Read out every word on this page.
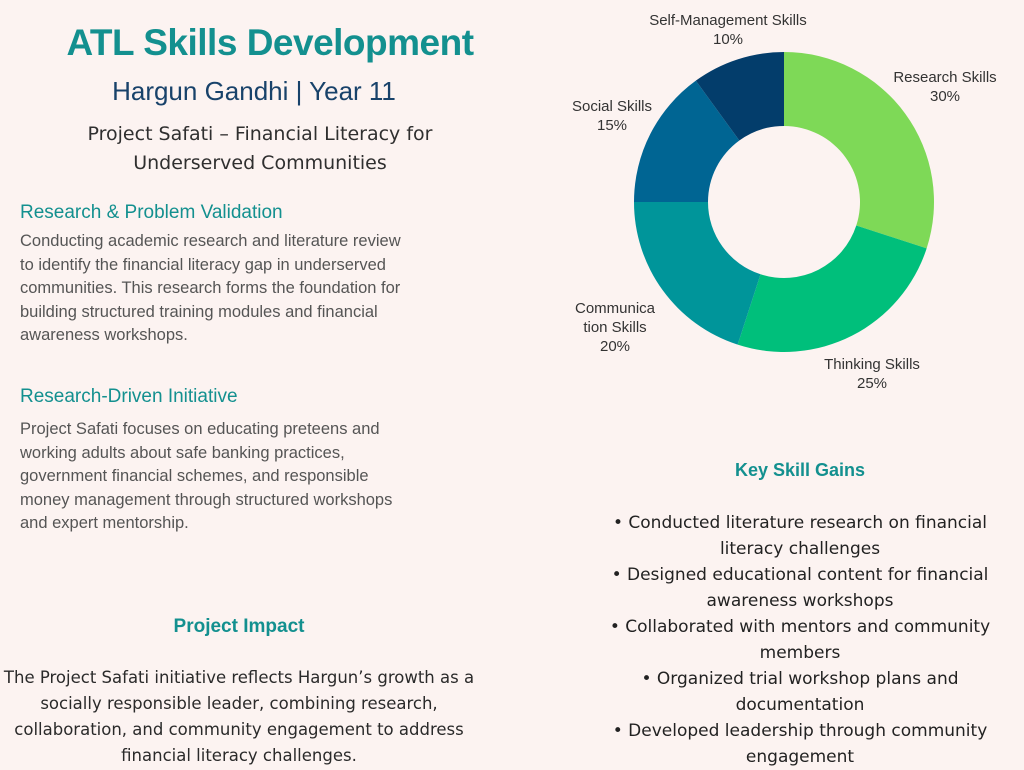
ATL Skills Development
Hargun Gandhi | Year 11
Project Safati – Financial Literacy for Underserved Communities
Research & Problem Validation
Conducting academic research and literature review to identify the financial literacy gap in underserved communities. This research forms the foundation for building structured training modules and financial awareness workshops.
Research-Driven Initiative
Project Safati focuses on educating preteens and working adults about safe banking practices, government financial schemes, and responsible money management through structured workshops and expert mentorship.
Project Impact
The Project Safati initiative reflects Hargun’s growth as a socially responsible leader, combining research, collaboration, and community engagement to address financial literacy challenges.
Research Skills
30%
Thinking Skills
25%
Communica
tion Skills
20%
Social Skills
15%
Self-Management Skills
10%
Key Skill Gains
• Conducted literature research on financial literacy challenges
• Designed educational content for financial awareness workshops
• Collaborated with mentors and community members
• Organized trial workshop plans and documentation
• Developed leadership through community engagement
